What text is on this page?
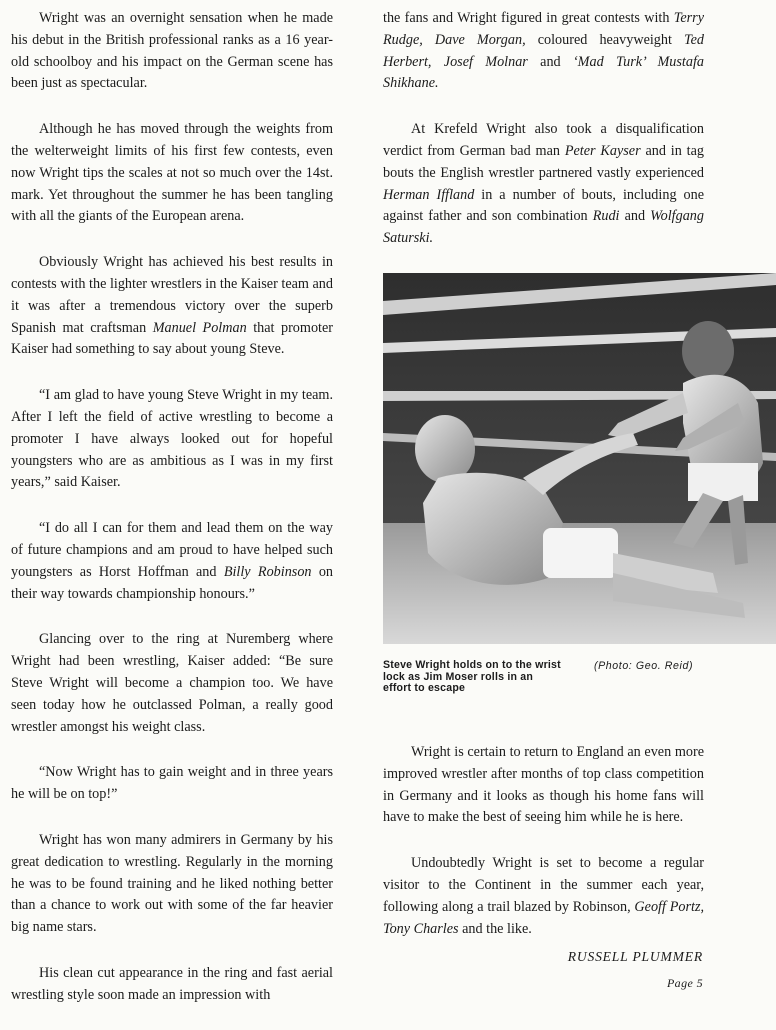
Wright was an overnight sensation when he made his debut in the British professional ranks as a 16 year-old schoolboy and his impact on the German scene has been just as spectacular.

Although he has moved through the weights from the welterweight limits of his first few contests, even now Wright tips the scales at not so much over the 14st. mark. Yet throughout the summer he has been tangling with all the giants of the European arena.

Obviously Wright has achieved his best results in contests with the lighter wrestlers in the Kaiser team and it was after a tremendous victory over the superb Spanish mat craftsman Manuel Polman that promoter Kaiser had something to say about young Steve.

“I am glad to have young Steve Wright in my team. After I left the field of active wrestling to become a promoter I have always looked out for hopeful youngsters who are as ambitious as I was in my first years,” said Kaiser.

“I do all I can for them and lead them on the way of future champions and am proud to have helped such youngsters as Horst Hoffman and Billy Robinson on their way towards championship honours.”

Glancing over to the ring at Nuremberg where Wright had been wrestling, Kaiser added: “Be sure Steve Wright will become a champion too. We have seen today how he outclassed Polman, a really good wrestler amongst his weight class.

“Now Wright has to gain weight and in three years he will be on top!”

Wright has won many admirers in Germany by his great dedication to wrestling. Regularly in the morning he was to be found training and he liked nothing better than a chance to work out with some of the far heavier big name stars.

His clean cut appearance in the ring and fast aerial wrestling style soon made an impression with

the fans and Wright figured in great contests with Terry Rudge, Dave Morgan, coloured heavyweight Ted Herbert, Josef Molnar and ‘Mad Turk’ Mustafa Shikhane.

At Krefeld Wright also took a disqualification verdict from German bad man Peter Kayser and in tag bouts the English wrestler partnered vastly experienced Herman Iffland in a number of bouts, including one against father and son combination Rudi and Wolfgang Saturski.

Steve Wright holds on to the wrist lock as Jim Moser rolls in an effort to escape
(Photo: Geo. Reid)

Wright is certain to return to England an even more improved wrestler after months of top class competition in Germany and it looks as though his home fans will have to make the best of seeing him while he is here.

Undoubtedly Wright is set to become a regular visitor to the Continent in the summer each year, following along a trail blazed by Robinson, Geoff Portz, Tony Charles and the like.

RUSSELL PLUMMER
Page 5
